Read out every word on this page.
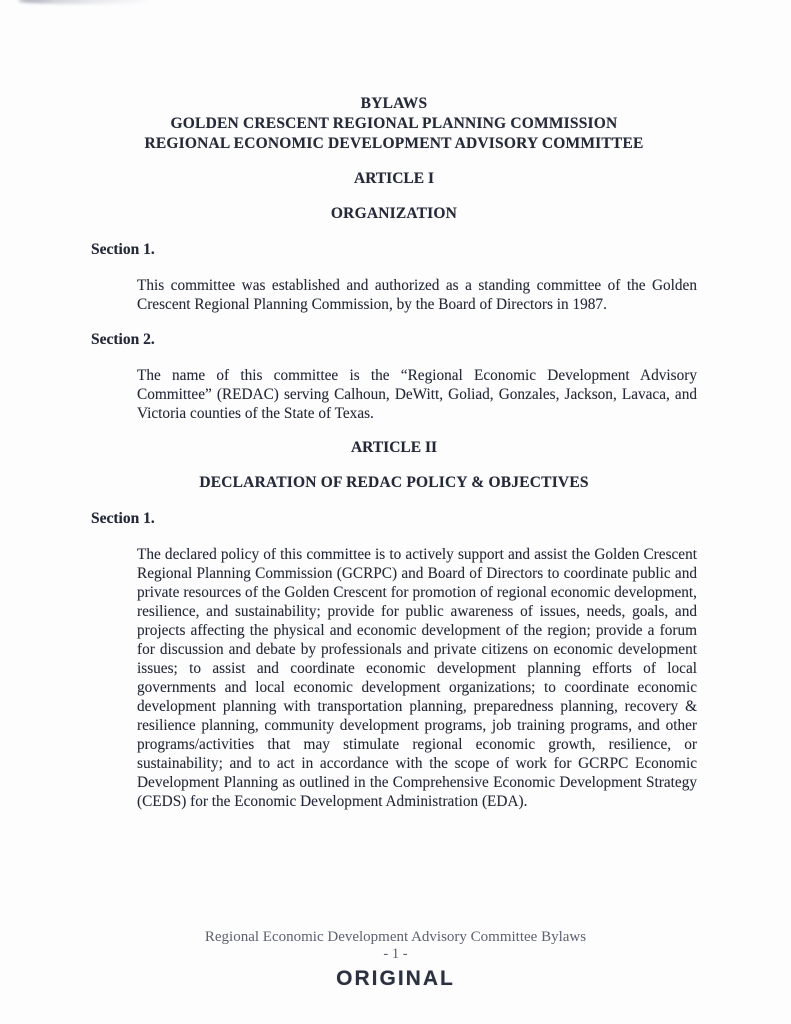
BYLAWS
GOLDEN CRESCENT REGIONAL PLANNING COMMISSION
REGIONAL ECONOMIC DEVELOPMENT ADVISORY COMMITTEE
ARTICLE I
ORGANIZATION
Section 1.

This committee was established and authorized as a standing committee of the Golden Crescent Regional Planning Commission, by the Board of Directors in 1987.

Section 2.

The name of this committee is the “Regional Economic Development Advisory Committee” (REDAC) serving Calhoun, DeWitt, Goliad, Gonzales, Jackson, Lavaca, and Victoria counties of the State of Texas.

ARTICLE II
DECLARATION OF REDAC POLICY & OBJECTIVES
Section 1.

The declared policy of this committee is to actively support and assist the Golden Crescent Regional Planning Commission (GCRPC) and Board of Directors to coordinate public and private resources of the Golden Crescent for promotion of regional economic development, resilience, and sustainability; provide for public awareness of issues, needs, goals, and projects affecting the physical and economic development of the region; provide a forum for discussion and debate by professionals and private citizens on economic development issues; to assist and coordinate economic development planning efforts of local governments and local economic development organizations; to coordinate economic development planning with transportation planning, preparedness planning, recovery & resilience planning, community development programs, job training programs, and other programs/activities that may stimulate regional economic growth, resilience, or sustainability; and to act in accordance with the scope of work for GCRPC Economic Development Planning as outlined in the Comprehensive Economic Development Strategy (CEDS) for the Economic Development Administration (EDA).

Regional Economic Development Advisory Committee Bylaws
- 1 -
ORIGINAL
